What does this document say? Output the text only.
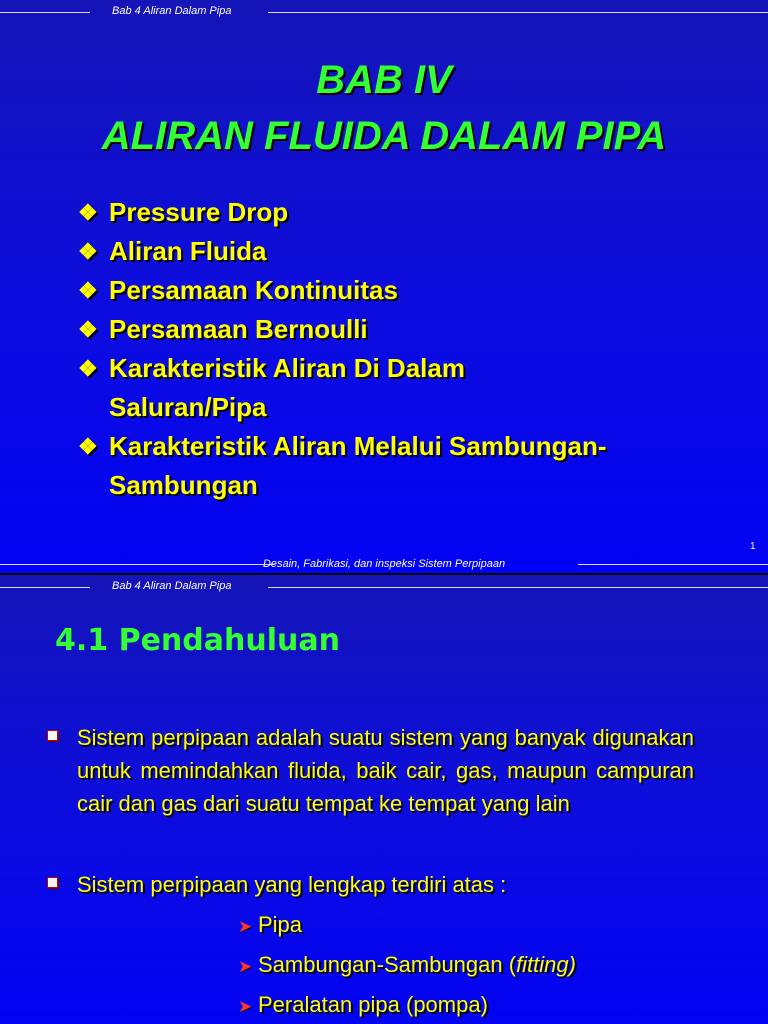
Bab 4 Aliran Dalam Pipa
BAB IV
ALIRAN FLUIDA DALAM PIPA
❖ Pressure Drop
❖ Aliran Fluida
❖ Persamaan Kontinuitas
❖ Persamaan Bernoulli
❖ Karakteristik Aliran Di Dalam
Saluran/Pipa
❖ Karakteristik Aliran Melalui Sambungan-
Sambungan
1
Desain, Fabrikasi, dan inspeksi Sistem Perpipaan
Bab 4 Aliran Dalam Pipa
4.1 Pendahuluan
Sistem perpipaan adalah suatu sistem yang banyak digunakan untuk memindahkan fluida, baik cair, gas, maupun campuran cair dan gas dari suatu tempat ke tempat yang lain
Sistem perpipaan yang lengkap terdiri atas :
➤ Pipa
➤ Sambungan-Sambungan (fitting)
➤ Peralatan pipa (pompa)
